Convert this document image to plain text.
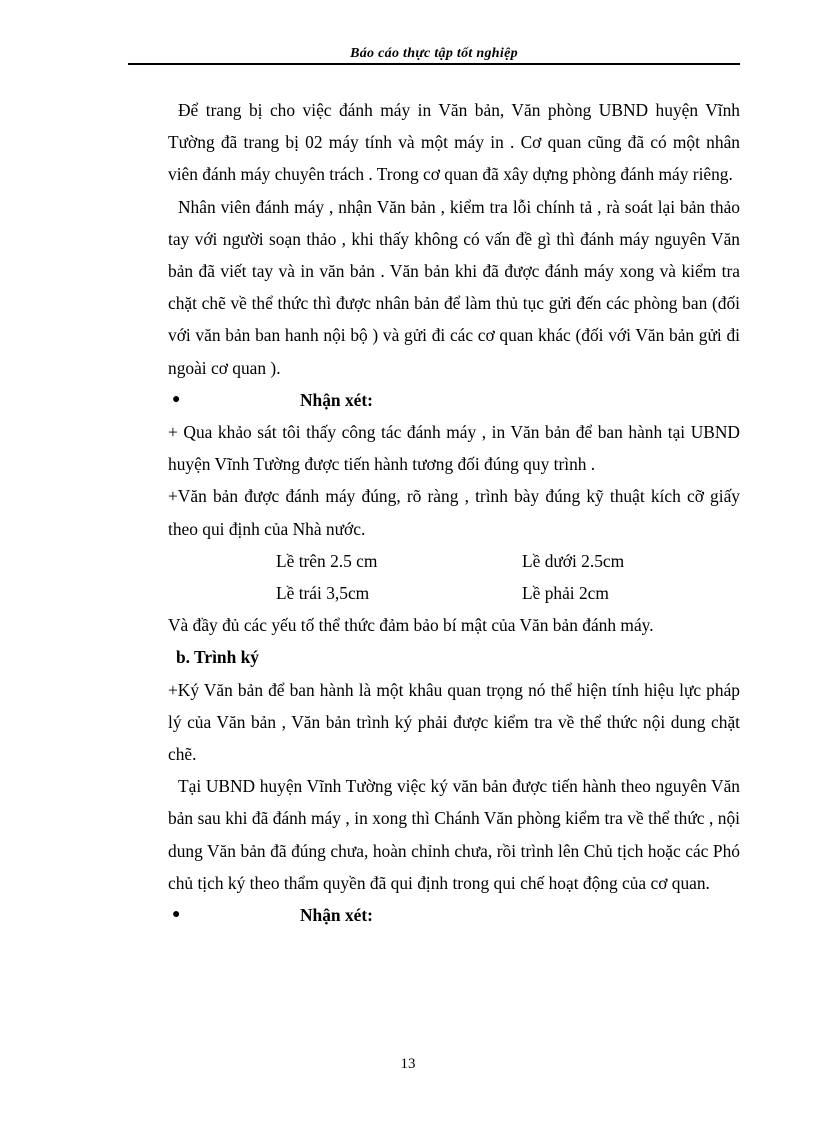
Báo cáo thực tập tốt nghiệp

Để trang bị cho việc đánh máy in Văn bản, Văn phòng UBND huyện Vĩnh Tường đã trang bị 02 máy tính và một máy in . Cơ quan cũng đã có một nhân viên đánh máy chuyên trách . Trong cơ quan đã xây dựng phòng đánh máy riêng.

Nhân viên đánh máy , nhận Văn bản , kiểm tra lỗi chính tả , rà soát lại bản thảo tay với người soạn thảo , khi thấy không có vấn đề gì thì đánh máy nguyên Văn bản đã viết tay và in văn bản . Văn bản khi đã được đánh máy xong và kiểm tra chặt chẽ về thể thức thì được nhân bản để làm thủ tục gửi đến các phòng ban (đối với văn bản ban hanh nội bộ ) và gửi đi các cơ quan khác (đối với Văn bản gửi đi ngoài cơ quan ).

●	Nhận xét:

+ Qua khảo sát tôi thấy công tác đánh máy , in Văn bản để ban hành tại UBND huyện Vĩnh Tường được tiến hành tương đối đúng quy trình .

+Văn bản được đánh máy đúng, rõ ràng , trình bày đúng kỹ thuật kích cỡ giấy theo qui định của Nhà nước.

Lề trên 2.5 cm	Lề dưới 2.5cm
Lề trái 3,5cm	Lề phải 2cm

Và đầy đủ các yếu tố thể thức đảm bảo bí mật của Văn bản đánh máy.

b. Trình ký

+Ký Văn bản để ban hành là một khâu quan trọng nó thể hiện tính hiệu lực pháp lý của Văn bản , Văn bản trình ký phải được kiểm tra về thể thức nội dung chặt chẽ.

Tại UBND huyện Vĩnh Tường việc ký văn bản được tiến hành theo nguyên Văn bản sau khi đã đánh máy , in xong thì Chánh Văn phòng kiểm tra về thể thức , nội dung Văn bản đã đúng chưa, hoàn chỉnh chưa, rồi trình lên Chủ tịch hoặc các Phó chủ tịch ký theo thẩm quyền đã qui định trong qui chế hoạt động của cơ quan.

●	Nhận xét:
13
